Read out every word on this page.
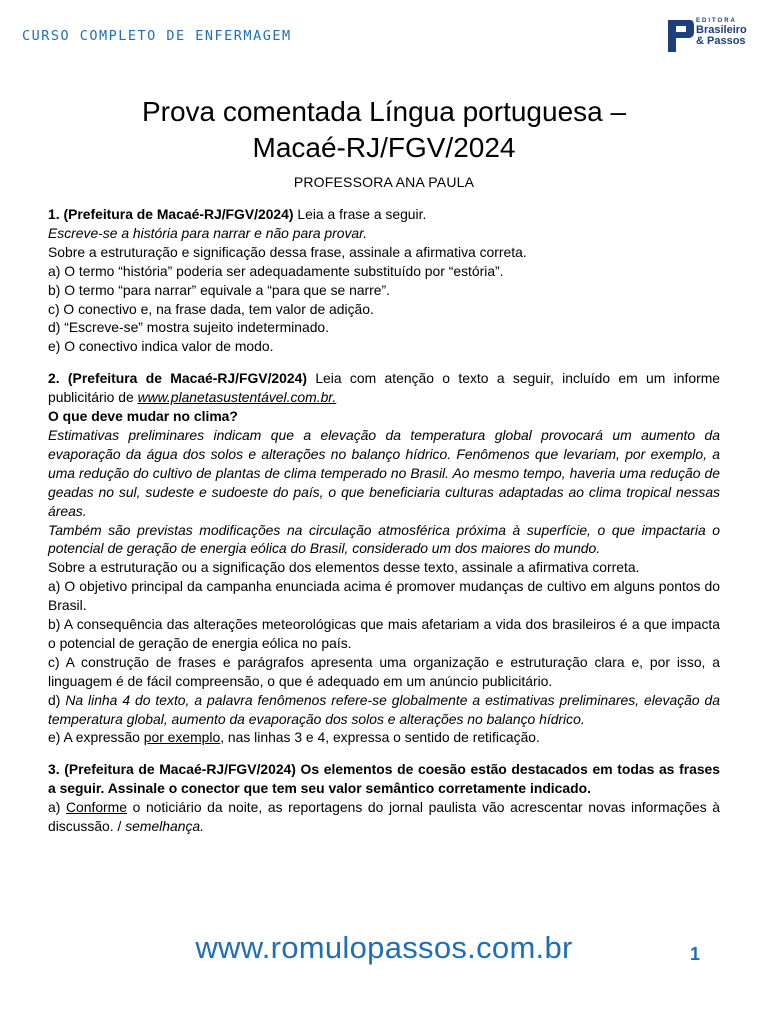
CURSO COMPLETO DE ENFERMAGEM
EDITORA
Brasileiro
& Passos
Prova comentada Língua portuguesa –
Macaé-RJ/FGV/2024
PROFESSORA ANA PAULA

1. (Prefeitura de Macaé-RJ/FGV/2024) Leia a frase a seguir.

Escreve-se a história para narrar e não para provar.

Sobre a estruturação e significação dessa frase, assinale a afirmativa correta.

a) O termo “história” poderia ser adequadamente substituído por “estória”.

b) O termo “para narrar” equivale a “para que se narre”.

c) O conectivo e, na frase dada, tem valor de adição.

d) “Escreve-se” mostra sujeito indeterminado.

e) O conectivo indica valor de modo.

2. (Prefeitura de Macaé-RJ/FGV/2024) Leia com atenção o texto a seguir, incluído em um informe publicitário de www.planetasustentável.com.br.

O que deve mudar no clima?

Estimativas preliminares indicam que a elevação da temperatura global provocará um aumento da evaporação da água dos solos e alterações no balanço hídrico. Fenômenos que levariam, por exemplo, a uma redução do cultivo de plantas de clima temperado no Brasil. Ao mesmo tempo, haveria uma redução de geadas no sul, sudeste e sudoeste do país, o que beneficiaria culturas adaptadas ao clima tropical nessas áreas.

Também são previstas modificações na circulação atmosférica próxima à superfície, o que impactaria o potencial de geração de energia eólica do Brasil, considerado um dos maiores do mundo.

Sobre a estruturação ou a significação dos elementos desse texto, assinale a afirmativa correta.

a) O objetivo principal da campanha enunciada acima é promover mudanças de cultivo em alguns pontos do Brasil.

b) A consequência das alterações meteorológicas que mais afetariam a vida dos brasileiros é a que impacta o potencial de geração de energia eólica no país.

c) A construção de frases e parágrafos apresenta uma organização e estruturação clara e, por isso, a linguagem é de fácil compreensão, o que é adequado em um anúncio publicitário.

d) Na linha 4 do texto, a palavra fenômenos refere-se globalmente a estimativas preliminares, elevação da temperatura global, aumento da evaporação dos solos e alterações no balanço hídrico.

e) A expressão por exemplo, nas linhas 3 e 4, expressa o sentido de retificação.

3. (Prefeitura de Macaé-RJ/FGV/2024) Os elementos de coesão estão destacados em todas as frases a seguir. Assinale o conector que tem seu valor semântico corretamente indicado.

a) Conforme o noticiário da noite, as reportagens do jornal paulista vão acrescentar novas informações à discussão. / semelhança.

www.romulopassos.com.br	1
